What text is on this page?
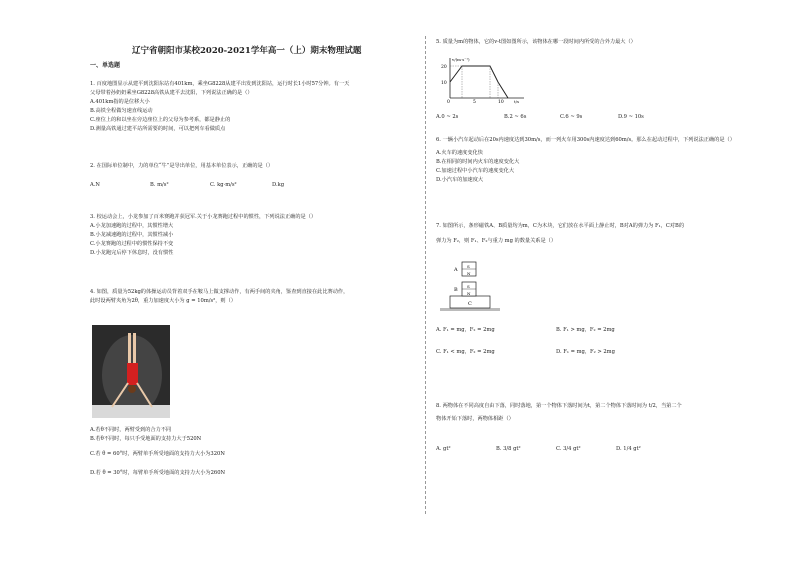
辽宁省朝阳市某校2020-2021学年高一（上）期末物理试题
一、单选题

1. 百度地图显示从建平到沈阳东站有401km，乘坐G8228从建平出发到沈阳站，运行时长1小时57分钟。有一天

父母带着孙奶奶乘坐G8228高铁从建平去沈阳，下列说法正确的是（）

A.401km指的是位移大小

B.高铁全程做匀速直线运动

C.座位上的和以坐在旁边座位上的父母为参考系，都是静止的

D.测量高铁通过建平站所需要的时间，可以把列车看做质点

2. 在国际单位制中，力的单位“牛”是导出单位，用基本单位表示，正确的是（）

A.N	B. m/s²	C. kg·m/s²	D.kg

3. 校运动会上，小龙参加了百米赛跑并获冠军.关于小龙赛跑过程中的惯性，下列说法正确的是（）

A.小龙加速跑的过程中，其惯性增大

B.小龙减速跑的过程中，其惯性减小

C.小龙赛跑的过程中的惯性保持不变

D.小龙跑完后停下休息时，没有惯性

4. 如图，质量为52kg的体操运动员背着双手在鞍马上做支撑动作，有两手间的夹角，鉴查到直接在此比赛动作，

此时设两臂夹角为2θ，重力加速度大小为 g = 10m/s²，则（）

A.若θ不同时，两臂受到的合力不同

B.若θ不同时，每只手受地面的支持力大于520N

C.若 θ = 60°时，两臂单手所受地面的支持力大小为320N

D.若 θ = 30°时，每臂单手所受地面的支持力大小为260N

5. 质量为m的物体，它的v-t图如图所示，该物体在哪一段时间内所受的合外力最大（）

v/(m·s⁻¹)
20
10
0	5	10	t/s
A.0 ~ 2s	B.2 ~ 6s	C.6 ~ 9s	D.9 ~ 10s

6. 一辆小汽车起动后在20s内速度达到30m/s，而一列火车用300s内速度达到60m/s。那么在起动过程中，下列说法正确的是（）

A.火车的速度变化快

B.在相同的时间内火车的速度变化大

C.加速过程中小汽车的速度变化大

D.小汽车的加速度大

7. 如图所示，条形磁铁A、B质量均为m，C为木块，它们放在水平面上静止时，B对A的弹力为 F₁，C对B的

弹力为 F₂，则 F₁、F₂与重力 mg 的数量关系是（）

C
S
N
B
S
N
A
A. F₁ = mg，F₂ = 2mg	B. F₁ > mg，F₂ = 2mg
C. F₁ < mg，F₂ = 2mg	D. F₁ = mg，F₂ > 2mg

8. 两物体在不同高度自由下落，同时落地，第一个物体下落时间为t，第二个物体下落时间为 t/2，当第二个

物体开始下落时，两物体相距（）

A. gt²	B. 3/8 gt²	C. 3/4 gt²	D. 1/4 gt²
